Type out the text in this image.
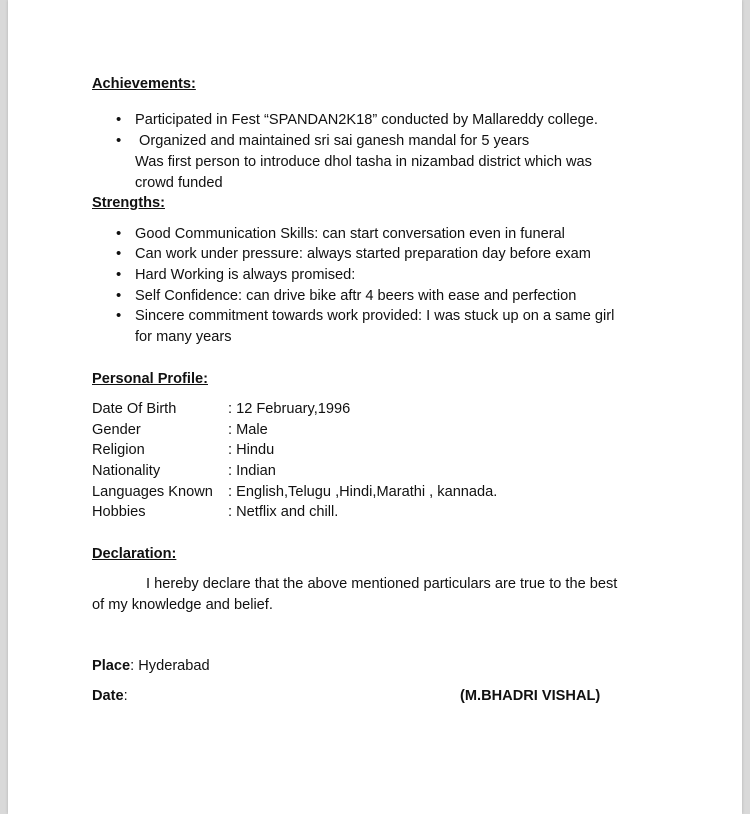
Achievements:
• Participated in Fest “SPANDAN2K18” conducted by Mallareddy college.
• Organized and maintained sri sai ganesh mandal for 5 years
Was first person to introduce dhol tasha in nizambad district which was
crowd funded
Strengths:
• Good Communication Skills: can start conversation even in funeral
• Can work under pressure: always started preparation day before exam
• Hard Working is always promised:
• Self Confidence: can drive bike aftr 4 beers with ease and perfection
• Sincere commitment towards work provided: I was stuck up on a same girl
for many years
Personal Profile:
Date Of Birth	: 12 February,1996
Gender	: Male
Religion	: Hindu
Nationality	: Indian
Languages Known : English,Telugu ,Hindi,Marathi , kannada.
Hobbies	: Netflix and chill.
Declaration:
I hereby declare that the above mentioned particulars are true to the best
of my knowledge and belief.
Place: Hyderabad
Date:	(M.BHADRI VISHAL)
